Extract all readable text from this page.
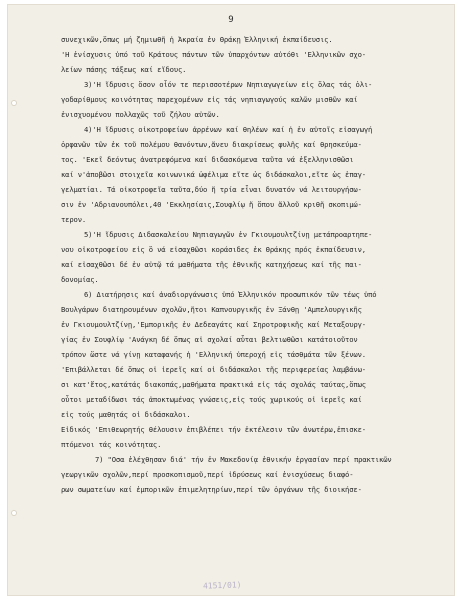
9
συνεχικῶν,ὅπως μή ζημιωθῆ ἡ Ἀκραία ἐν Θράκῃ Ἑλληνική ἐκπαίδευσις.
'Η ἐνίσχυσις ὑπό τοῦ Κράτους πάντων τῶν ὑπαρχόντων αὐτόθι 'Ελληνικῶν σχο-
λείων πάσης τάξεως καί εἴδους.
3)'Η ἵδρυσις ὅσον οἷόν τε περισσοτέρων Νηπιαγωγείων εἰς ὅλας τάς ὁλι-
γοδαρίθμους κοινότητας παρεχομένων εἰς τάς νηπιαγωγούς καλῶν μισθῶν καί
ἐνισχυομένου πολλαχῶς τοῦ ζήλου αὐτῶν.
4)'Η ἵδρυσις οἰκοτροφείων ἀρρένων καί θηλέων καί ἡ ἐν αὐτοῖς εἰσαγωγή
ὀρφανῶν τῶν ἐκ τοῦ πολέμου θανόντων,ἄνευ διακρίσεως φυλῆς καί θρησκεύμα-
τος. 'Εκεῖ δεόντως ἀνατρεφόμενα καί διδασκόμενα ταῦτα νά ἐξελληνισθῶσι
καί ν'ἀποβῶσι στοιχεῖα κοινωνικά ὠφέλιμα εἴτε ὡς διδάσκαλοι,εἴτε ὡς ἐπαγ-
γελματίαι. Τά οἰκοτροφεῖα ταῦτα,δύο ἤ τρία εἶναι δυνατόν νά λειτουργήσω-
σιν ἐν 'Αδριανουπόλει,40 'Εκκλησίαις,Σουφλίῳ ἤ ὅπου ἄλλοῦ κριθῆ σκοπιμώ-
τερον.
5)'Η ἵδρυσις Διδασκαλείου Νηπιαγωγῶν ἐν Γκιουμουλτζίνῃ μετάπροαρτηπε-
νου οἰκοτροφείου εἰς ὃ νά εἰσαχθῶσι κοράσιδες ἐκ Θράκης πρός ἐκπαίδευσιν,
καί εἰσαχθῶσι δέ ἐν αὐτῷ τά μαθήματα τῆς ἐθνικῆς κατηχήσεως καί τῆς παι-
δονομίας.
6) Διατήρησις καί ἀναδιοργάνωσις ὑπό Ἑλληνικόν προσωπικόν τῶν τέως ὑπό
Βουλγάρων διατηρουμένων σχολῶν,ἤτοι Καπνουργικῆς ἐν Ξάνθῃ 'Αμπελουργικῆς
ἐν Γκιουμουλτζίνῃ,'Εμπορικῆς ἐν Δεδεαγάτς καί Σηροτροφικῆς καί Μεταξουργ-
γίας ἐν Σουφλίῳ 'Ανάγκη δέ ὅπως αἱ σχολαί αὗται βελτιωθῶσι κατάτοιοῦτον
τρόπον ὥστε νά γίνῃ καταφανής ἡ 'Ελληνική ὑπεροχή εἰς τάσθμάτα τῶν ξένων.
'Επιβάλλεται δέ ὅπως οἱ ἱερεῖς καί οἱ διδάσκαλοι τῆς περιφερείας λαμβάνω-
σι κατ'ἔτος,κατάτάς διακοπάς,μαθήματα πρακτικά εἰς τάς σχολάς ταύτας,ὅπως
οὗτοι μεταδίδωσι τάς ἀποκτωμένας γνώσεις,εἰς τούς χωρικούς οἱ ἱερεῖς καί
εἰς τούς μαθητάς οἱ διδάσκαλοι.
Εἰδικός 'Επιθεωρητής θέλουσιν ἐπιβλέπει τήν ἐκτέλεσιν τῶν ἀνωτέρω,ἐπισκε-
πτόμενοι τάς κοινότητας.
7) "Οσα ἐλέχθησαν διά' τήν ἐν Μακεδονίᾳ ἐθνικήν ἐργασίαν περί πρακτικῶν
γεωργικῶν σχολῶν,περί προσκοπισμοῦ,περί ἱδρύσεως καί ἐνισχύσεως διαφό-
ρων σωματείων καί ἐμπορικῶν ἐπιμελητηρίων,περί τῶν ὀργάνων τῆς διοικήσε-
4151/01)
